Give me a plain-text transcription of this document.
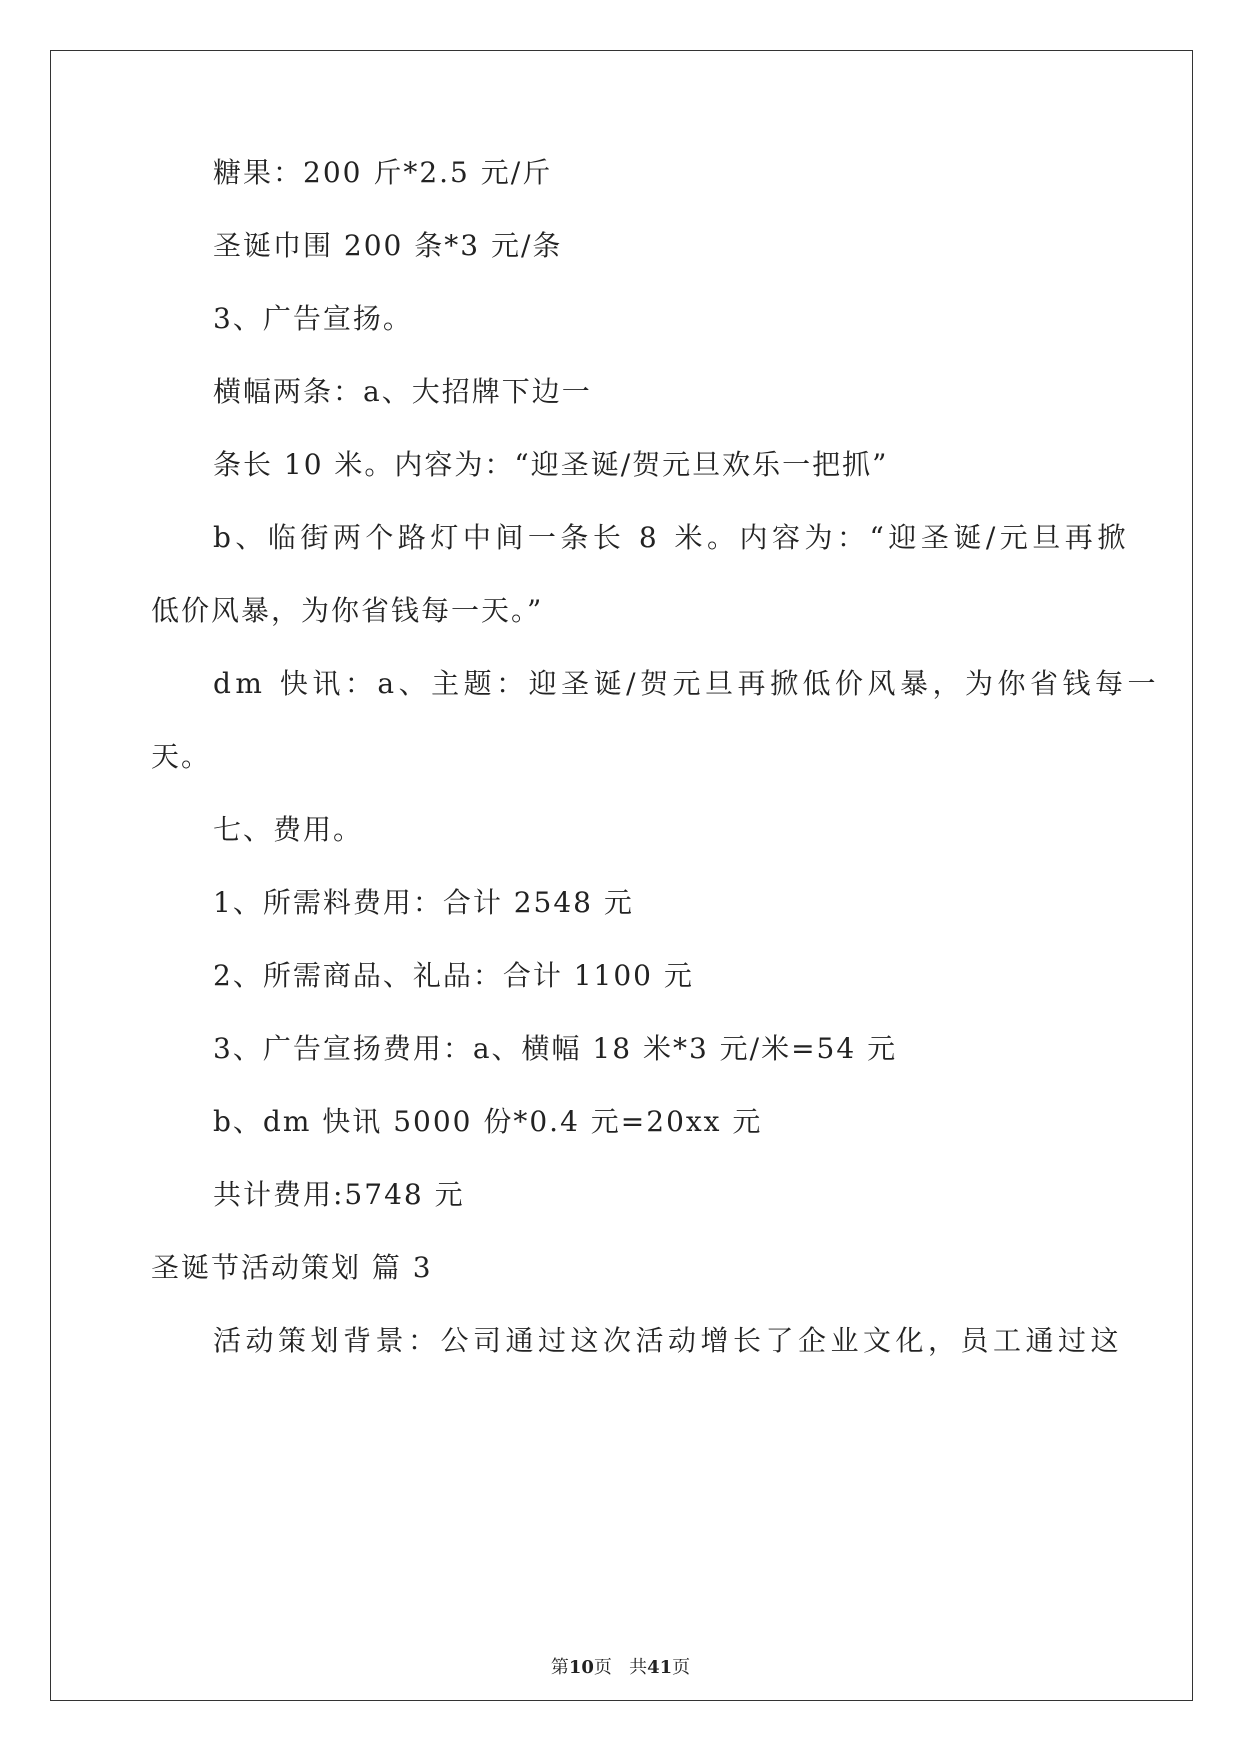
糖果：200 斤*2.5 元/斤
圣诞巾围 200 条*3 元/条
3、广告宣扬。
横幅两条：a、大招牌下边一
条长 10 米。内容为：“迎圣诞/贺元旦欢乐一把抓”
b、临街两个路灯中间一条长 8 米。内容为：“迎圣诞/元旦再掀
低价风暴，为你省钱每一天。”
dm 快讯：a、主题：迎圣诞/贺元旦再掀低价风暴，为你省钱每一
天。
七、费用。
1、所需料费用：合计 2548 元
2、所需商品、礼品：合计 1100 元
3、广告宣扬费用：a、横幅 18 米*3 元/米=54 元
b、dm 快讯 5000 份*0.4 元=20xx 元
共计费用:5748 元
圣诞节活动策划 篇 3
活动策划背景：公司通过这次活动增长了企业文化，员工通过这
第10页 共41页
